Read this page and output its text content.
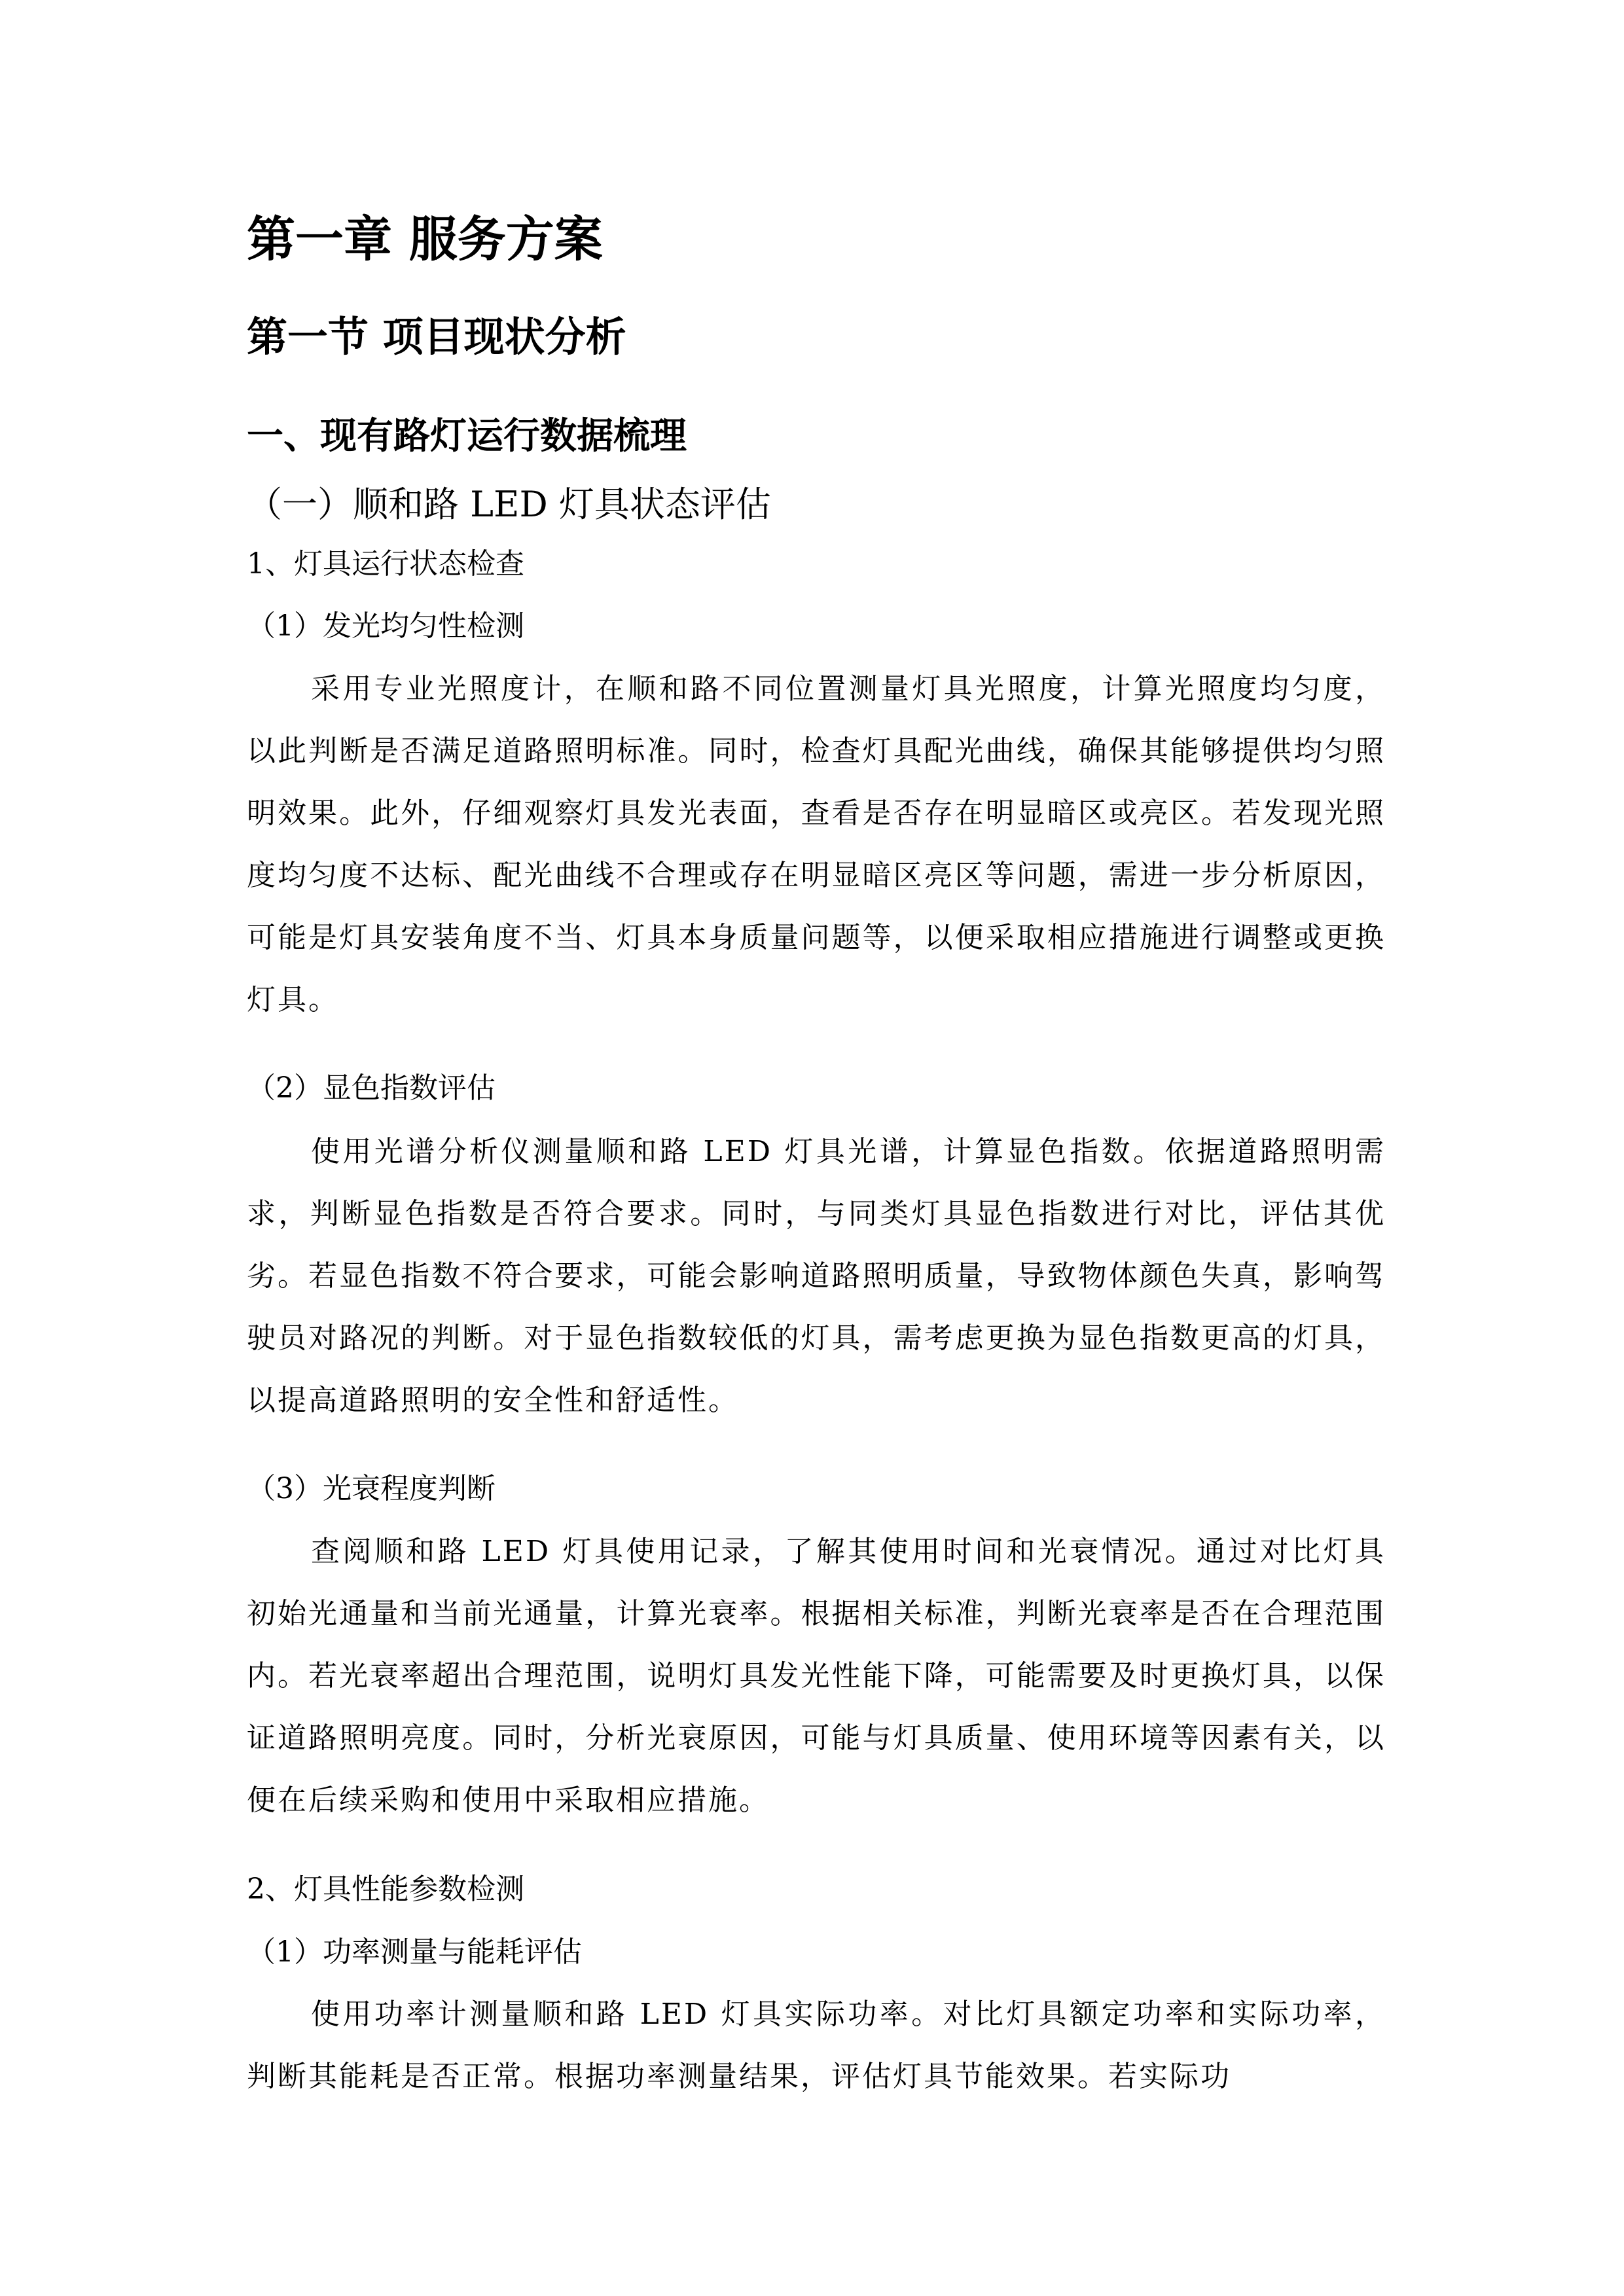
第一章 服务方案
第一节 项目现状分析
一、现有路灯运行数据梳理
（一）顺和路 LED 灯具状态评估
1、灯具运行状态检查
（1）发光均匀性检测

采用专业光照度计，在顺和路不同位置测量灯具光照度，计算光照度均匀度，以此判断是否满足道路照明标准。同时，检查灯具配光曲线，确保其能够提供均匀照明效果。此外，仔细观察灯具发光表面，查看是否存在明显暗区或亮区。若发现光照度均匀度不达标、配光曲线不合理或存在明显暗区亮区等问题，需进一步分析原因，可能是灯具安装角度不当、灯具本身质量问题等，以便采取相应措施进行调整或更换灯具。

（2）显色指数评估

使用光谱分析仪测量顺和路 LED 灯具光谱，计算显色指数。依据道路照明需求，判断显色指数是否符合要求。同时，与同类灯具显色指数进行对比，评估其优劣。若显色指数不符合要求，可能会影响道路照明质量，导致物体颜色失真，影响驾驶员对路况的判断。对于显色指数较低的灯具，需考虑更换为显色指数更高的灯具，以提高道路照明的安全性和舒适性。

（3）光衰程度判断

查阅顺和路 LED 灯具使用记录，了解其使用时间和光衰情况。通过对比灯具初始光通量和当前光通量，计算光衰率。根据相关标准，判断光衰率是否在合理范围内。若光衰率超出合理范围，说明灯具发光性能下降，可能需要及时更换灯具，以保证道路照明亮度。同时，分析光衰原因，可能与灯具质量、使用环境等因素有关，以便在后续采购和使用中采取相应措施。

2、灯具性能参数检测
（1）功率测量与能耗评估

使用功率计测量顺和路 LED 灯具实际功率。对比灯具额定功率和实际功率，判断其能耗是否正常。根据功率测量结果，评估灯具节能效果。若实际功
